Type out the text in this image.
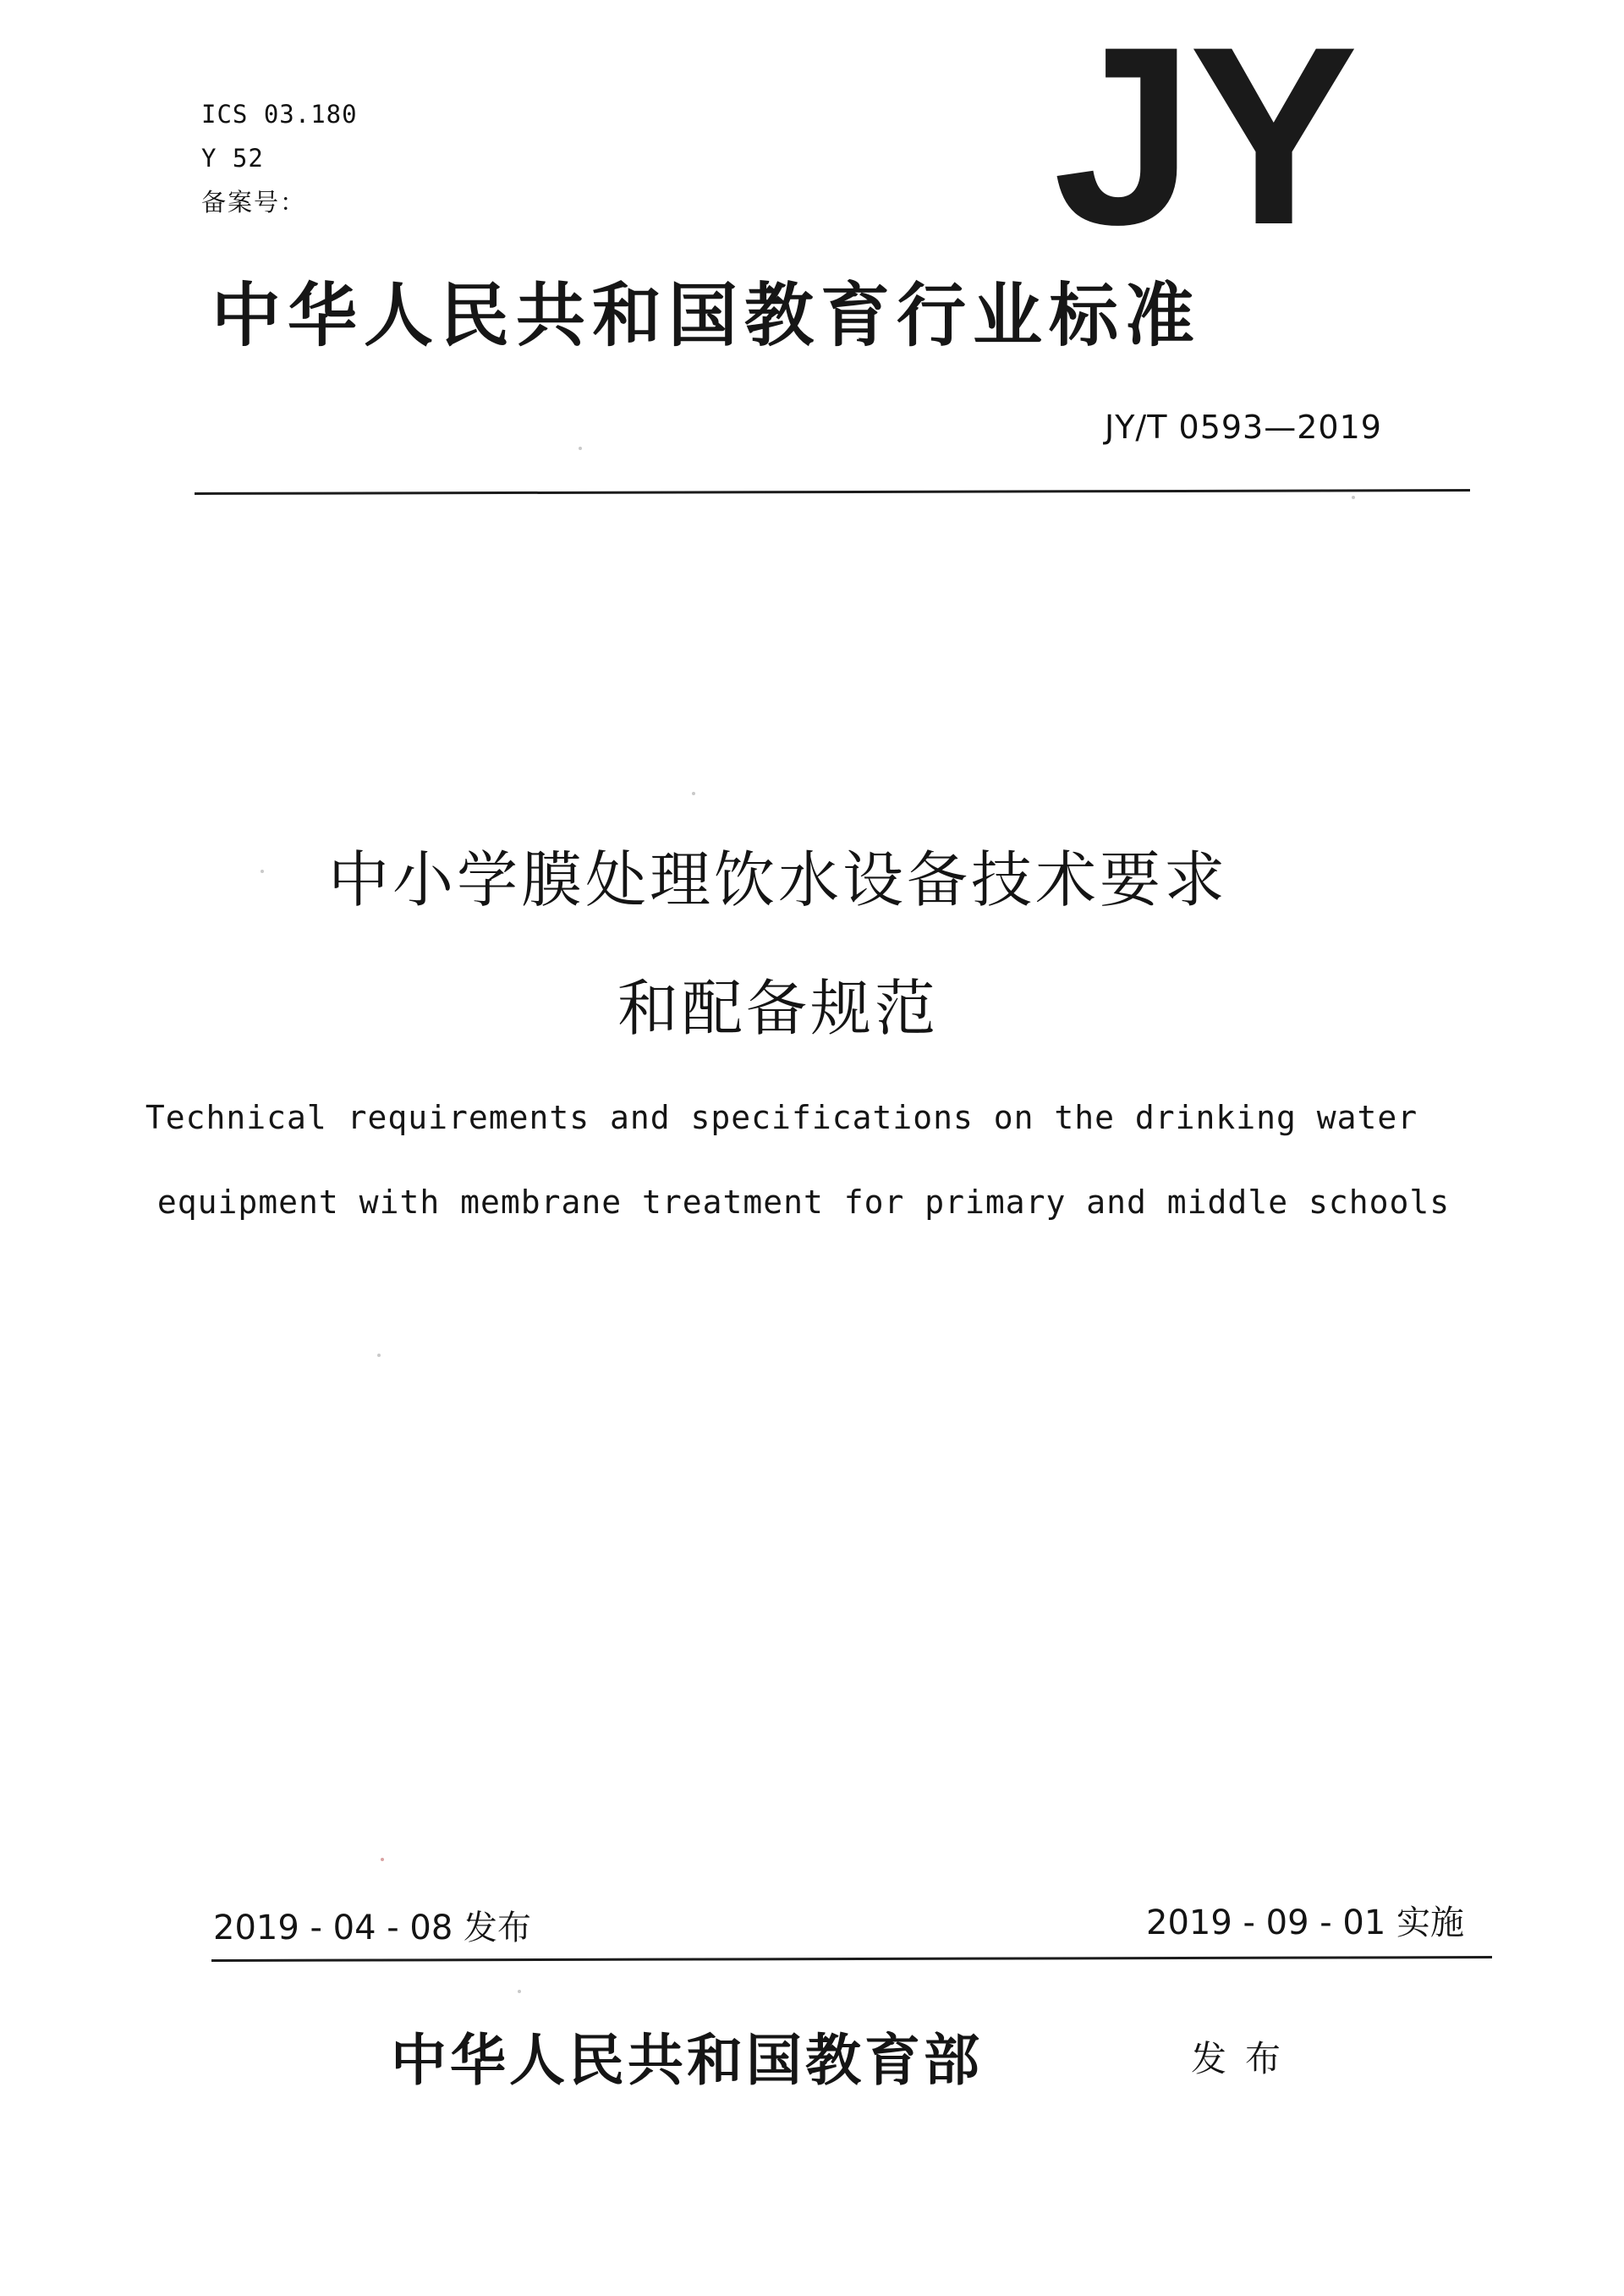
ICS 03.180
Y 52
备案号：	JY
中华人民共和国教育行业标准
JY/T 0593—2019
中小学膜处理饮水设备技术要求
和配备规范
Technical requirements and specifications on the drinking water
equipment with membrane treatment for primary and middle schools
2019 - 04 - 08 发布	2019 - 09 - 01 实施
中华人民共和国教育部	发布
